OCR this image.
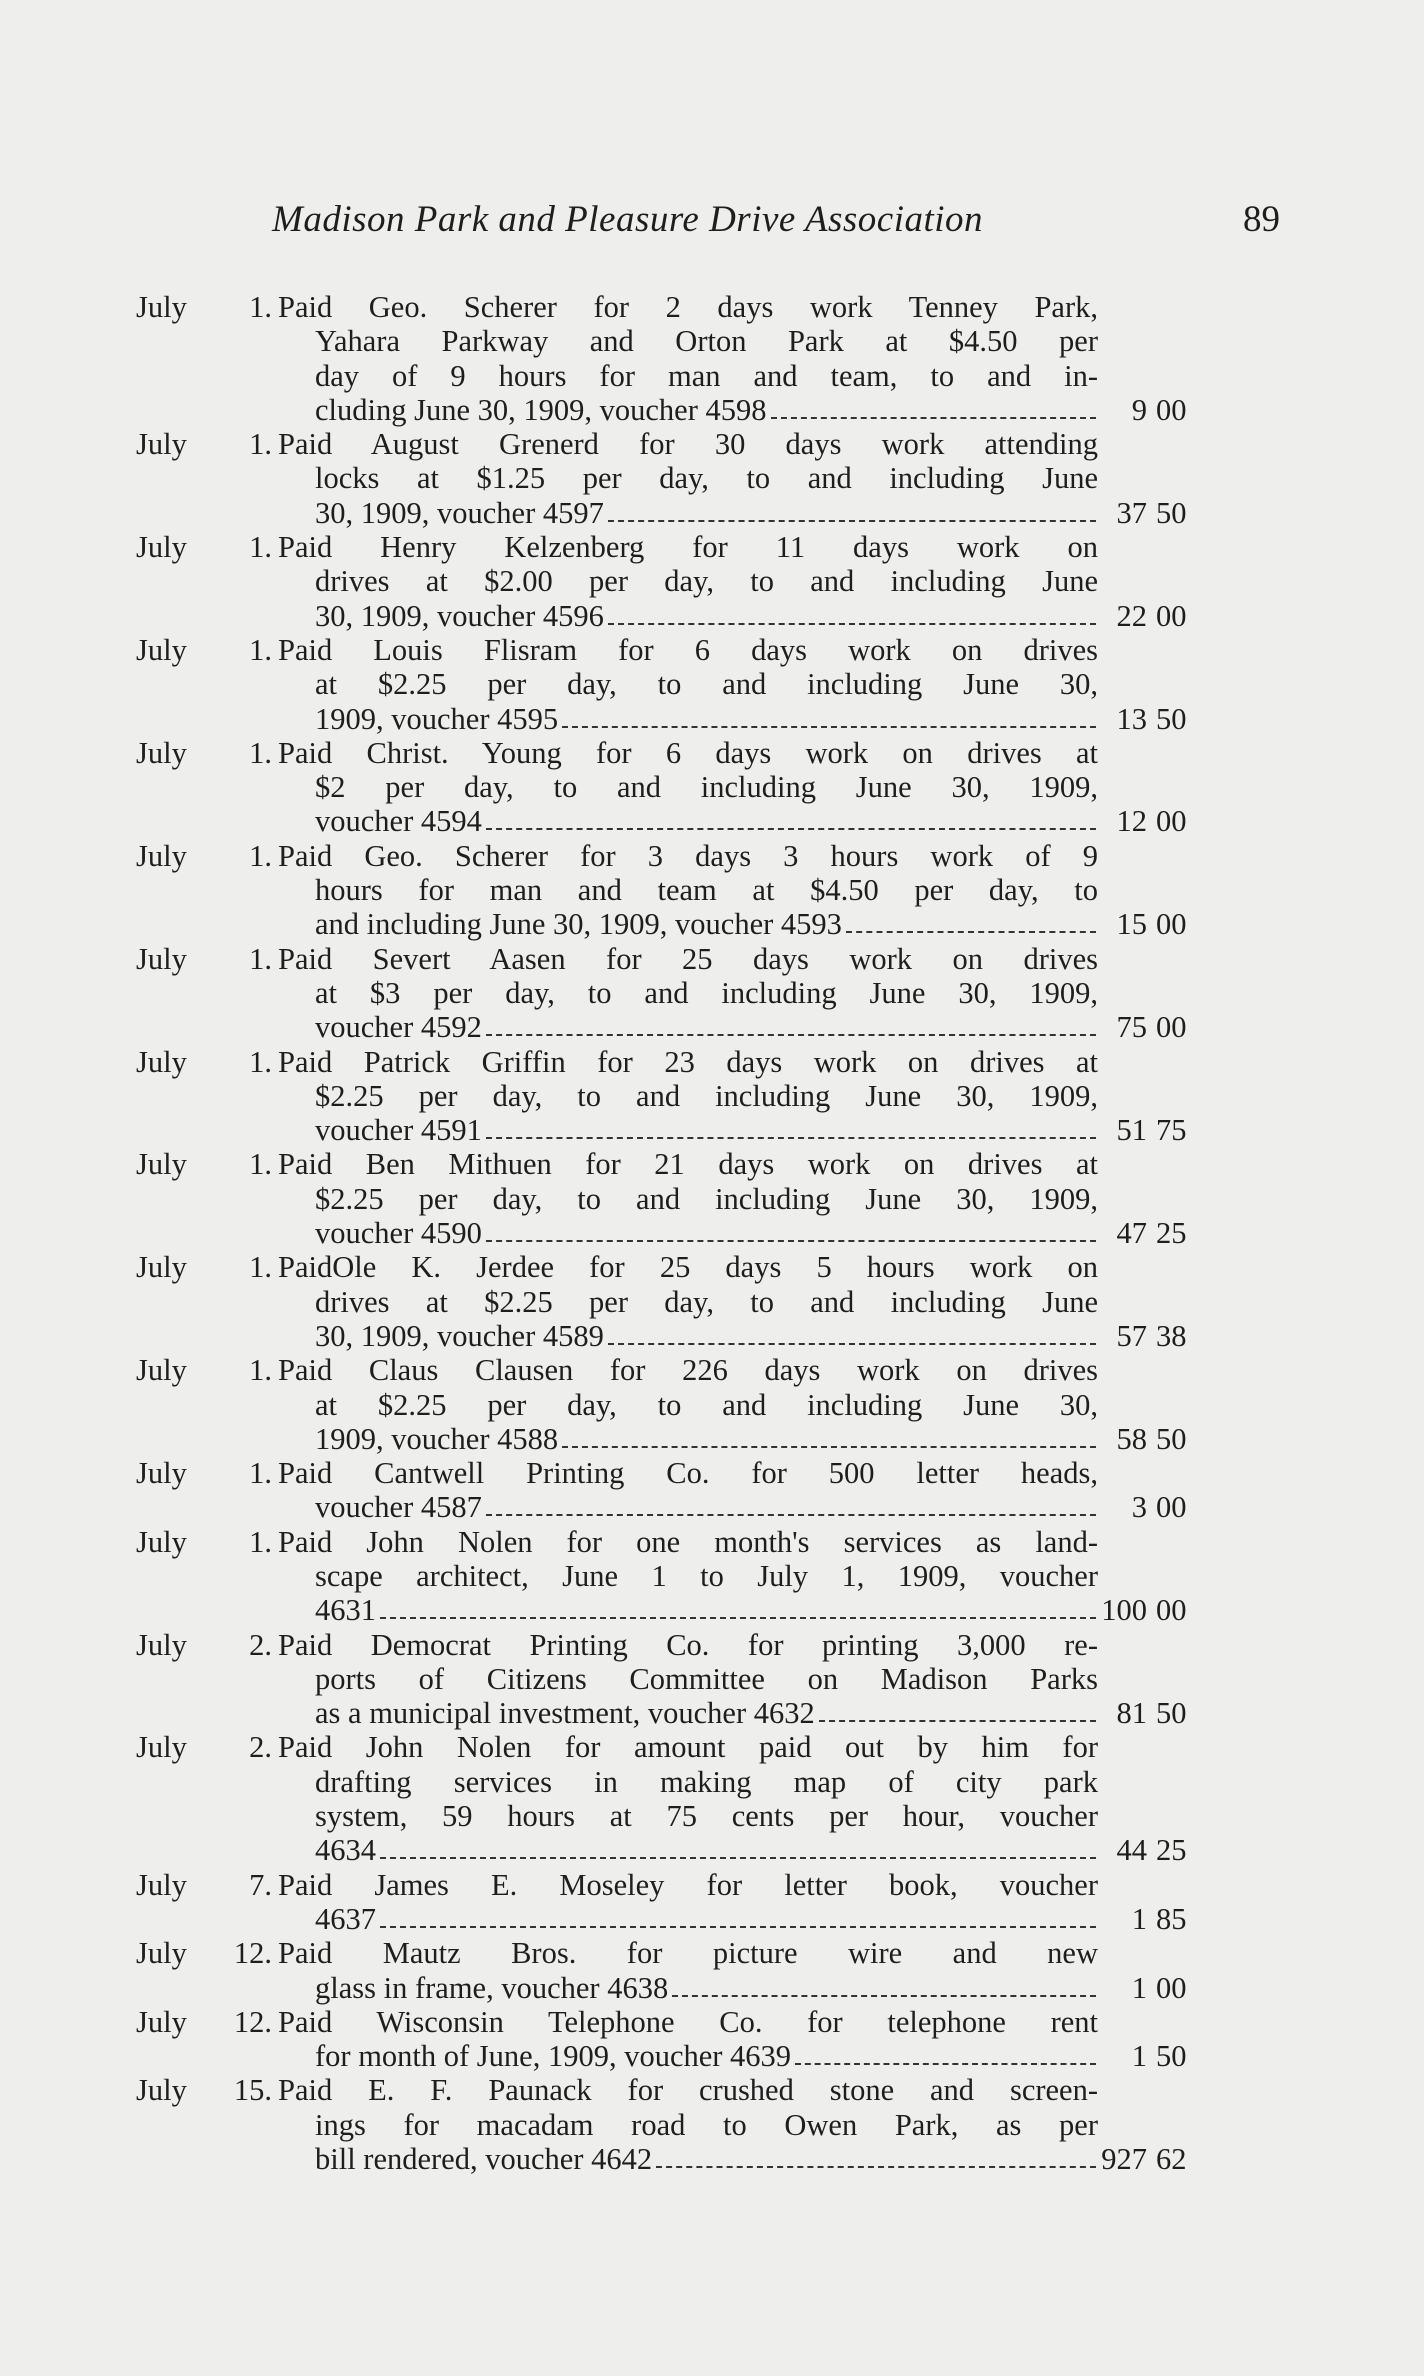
Madison Park and Pleasure Drive Association	89
July 1. Paid Geo. Scherer for 2 days work Tenney Park,
Yahara Parkway and Orton Park at $4.50 per
day of 9 hours for man and team, to and in-
cluding June 30, 1909, voucher 4598	9 00
July 1. Paid August Grenerd for 30 days work attending
locks at $1.25 per day, to and including June
30, 1909, voucher 4597	37 50
July 1. Paid Henry Kelzenberg for 11 days work on
drives at $2.00 per day, to and including June
30, 1909, voucher 4596	22 00
July 1. Paid Louis Flisram for 6 days work on drives
at $2.25 per day, to and including June 30,
1909, voucher 4595	13 50
July 1. Paid Christ. Young for 6 days work on drives at
$2 per day, to and including June 30, 1909,
voucher 4594	12 00
July 1. Paid Geo. Scherer for 3 days 3 hours work of 9
hours for man and team at $4.50 per day, to
and including June 30, 1909, voucher 4593	15 00
July 1. Paid Severt Aasen for 25 days work on drives
at $3 per day, to and including June 30, 1909,
voucher 4592	75 00
July 1. Paid Patrick Griffin for 23 days work on drives at
$2.25 per day, to and including June 30, 1909,
voucher 4591	51 75
July 1. Paid Ben Mithuen for 21 days work on drives at
$2.25 per day, to and including June 30, 1909,
voucher 4590	47 25
July 1. PaidOle K. Jerdee for 25 days 5 hours work on
drives at $2.25 per day, to and including June
30, 1909, voucher 4589	57 38
July 1. Paid Claus Clausen for 226 days work on drives
at $2.25 per day, to and including June 30,
1909, voucher 4588	58 50
July 1. Paid Cantwell Printing Co. for 500 letter heads,
voucher 4587	3 00
July 1. Paid John Nolen for one month's services as land-
scape architect, June 1 to July 1, 1909, voucher
4631	100 00
July 2. Paid Democrat Printing Co. for printing 3,000 re-
ports of Citizens Committee on Madison Parks
as a municipal investment, voucher 4632	81 50
July 2. Paid John Nolen for amount paid out by him for
drafting services in making map of city park
system, 59 hours at 75 cents per hour, voucher
4634	44 25
July 7. Paid James E. Moseley for letter book, voucher
4637	1 85
July 12. Paid Mautz Bros. for picture wire and new
glass in frame, voucher 4638	1 00
July 12. Paid Wisconsin Telephone Co. for telephone rent
for month of June, 1909, voucher 4639	1 50
July 15. Paid E. F. Paunack for crushed stone and screen-
ings for macadam road to Owen Park, as per
bill rendered, voucher 4642	927 62
